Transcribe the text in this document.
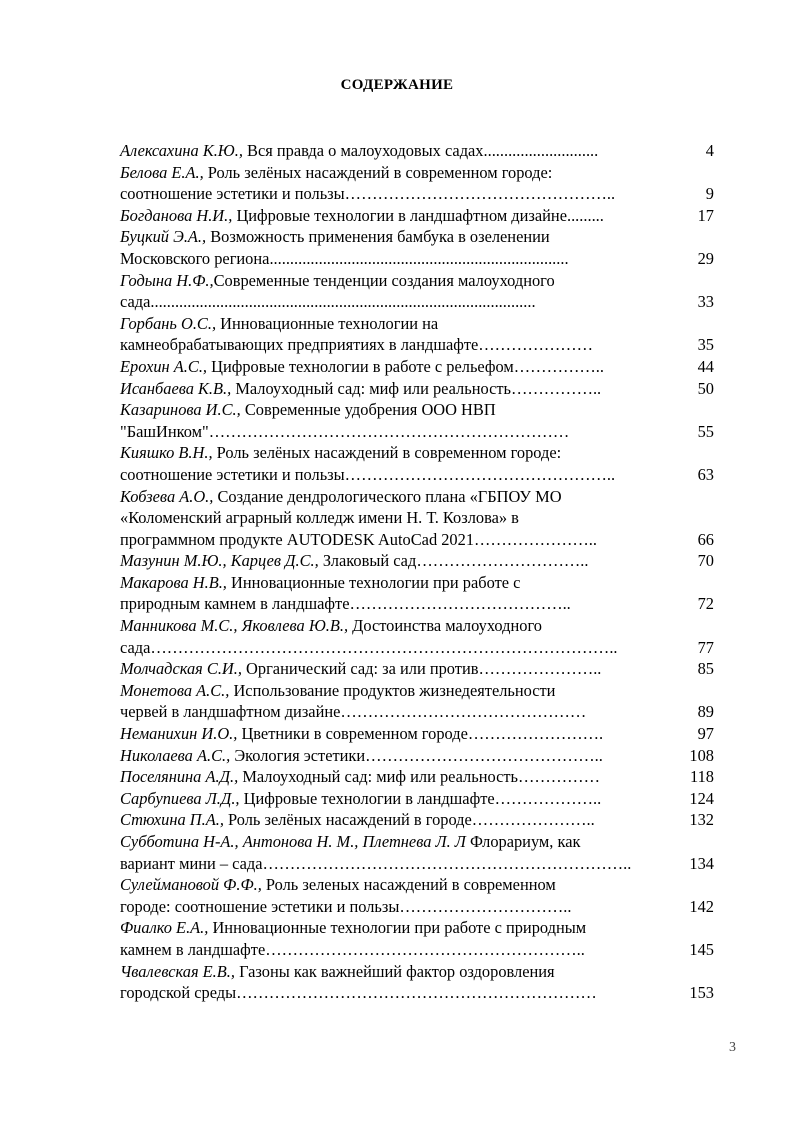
СОДЕРЖАНИЕ
Алексахина К.Ю., Вся правда о малоуходовых садах............................	4
Белова Е.А., Роль зелёных насаждений в современном городе:
соотношение эстетики и пользы…………………………………………..	9
Богданова Н.И., Цифровые технологии в ландшафтном дизайне.........	17
Буцкий Э.А., Возможность применения бамбука в озеленении
Московского региона.........................................................................	29
Годына Н.Ф.,Современные тенденции создания малоуходного
сада..............................................................................................	33
Горбань О.С., Инновационные технологии на
камнеобрабатывающих предприятиях в ландшафте…………………	35
Ерохин А.С., Цифровые технологии в работе с рельефом……………..	44
Исанбаева К.В., Малоуходный сад: миф или реальность……………..	50
Казаринова И.С., Современные удобрения ООО НВП
"БашИнком"…………………………………………………………	55
Кияшко В.Н., Роль зелёных насаждений в современном городе:
соотношение эстетики и пользы…………………………………………..	63
Кобзева А.О., Создание дендрологического плана «ГБПОУ МО
«Коломенский аграрный колледж имени Н. Т. Козлова» в
программном продукте AUTODESK AutoCad 2021…………………..	66
Мазунин М.Ю., Карцев Д.С., Злаковый сад…………………………..	70
Макарова Н.В., Инновационные технологии при работе с
природным камнем в ландшафте…………………………………..	72
Манникова М.С., Яковлева Ю.В., Достоинства малоуходного
сада…………………………………………………………………………..	77
Молчадская С.И., Органический сад: за или против…………………..	85
Монетова А.С., Использование продуктов жизнедеятельности
червей в ландшафтном дизайне………………………………………	89
Неманихин И.О., Цветники в современном городе…………………….	97
Николаева А.С., Экология эстетики……………………………………..	108
Поселянина А.Д., Малоуходный сад: миф или реальность……………	118
Сарбупиева Л.Д., Цифровые технологии в ландшафте………………..	124
Стюхина П.А., Роль зелёных насаждений в городе…………………..	132
Субботина Н-А., Антонова Н. М., Плетнева Л. Л Флорариум, как
вариант мини – сада…………………………………………………………..	134
Сулеймановой Ф.Ф., Роль зеленых насаждений в современном
городе: соотношение эстетики и пользы…………………………..	142
Фиалко Е.А., Инновационные технологии при работе с природным
камнем в ландшафте…………………………………………………..	145
Чвалевская Е.В., Газоны как важнейший фактор оздоровления
городской среды…………………………………………………………	153
3
